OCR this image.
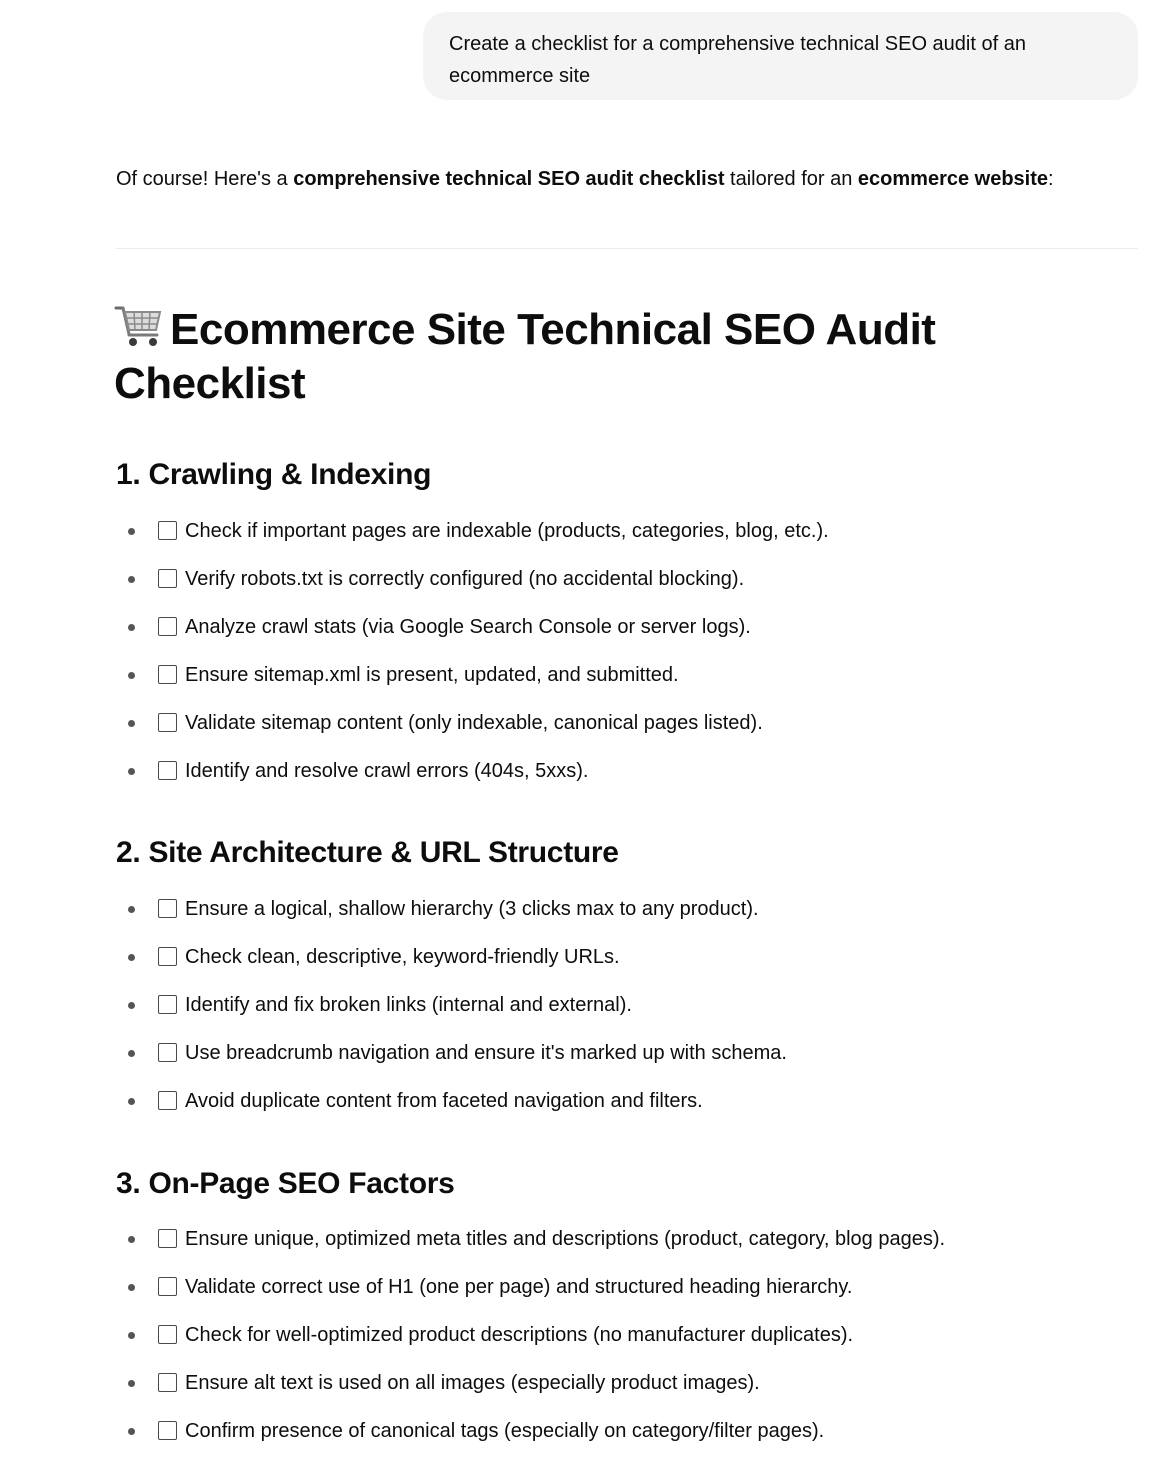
Create a checklist for a comprehensive technical SEO audit of an ecommerce site
Of course! Here's a comprehensive technical SEO audit checklist tailored for an ecommerce website:
Ecommerce Site Technical SEO Audit Checklist
1. Crawling & Indexing
Check if important pages are indexable (products, categories, blog, etc.).
Verify robots.txt is correctly configured (no accidental blocking).
Analyze crawl stats (via Google Search Console or server logs).
Ensure sitemap.xml is present, updated, and submitted.
Validate sitemap content (only indexable, canonical pages listed).
Identify and resolve crawl errors (404s, 5xxs).
2. Site Architecture & URL Structure
Ensure a logical, shallow hierarchy (3 clicks max to any product).
Check clean, descriptive, keyword-friendly URLs.
Identify and fix broken links (internal and external).
Use breadcrumb navigation and ensure it's marked up with schema.
Avoid duplicate content from faceted navigation and filters.
3. On-Page SEO Factors
Ensure unique, optimized meta titles and descriptions (product, category, blog pages).
Validate correct use of H1 (one per page) and structured heading hierarchy.
Check for well-optimized product descriptions (no manufacturer duplicates).
Ensure alt text is used on all images (especially product images).
Confirm presence of canonical tags (especially on category/filter pages).
